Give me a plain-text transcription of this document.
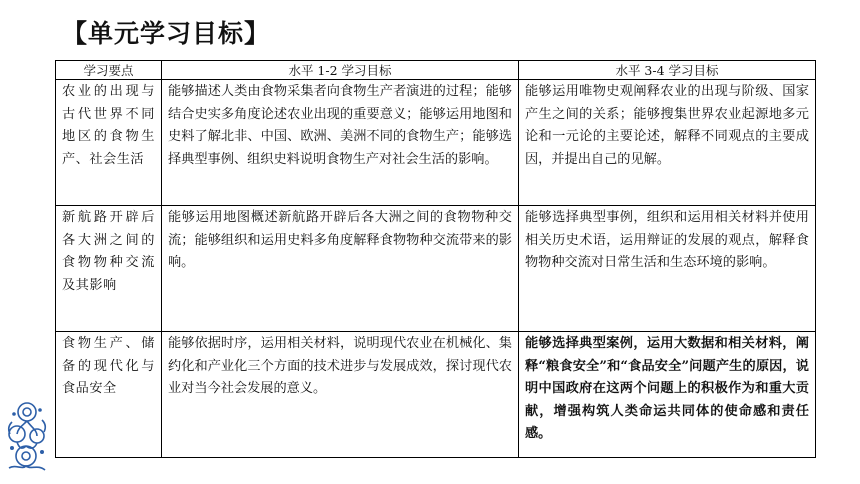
【单元学习目标】
学习要点	水平 1-2 学习目标	水平 3-4 学习目标
农业的出现与古代世界不同地区的食物生产、社会生活	能够描述人类由食物采集者向食物生产者演进的过程；能够结合史实多角度论述农业出现的重要意义；能够运用地图和史料了解北非、中国、欧洲、美洲不同的食物生产；能够选择典型事例、组织史料说明食物生产对社会生活的影响。	能够运用唯物史观阐释农业的出现与阶级、国家产生之间的关系；能够搜集世界农业起源地多元论和一元论的主要论述，解释不同观点的主要成因，并提出自己的见解。
新航路开辟后各大洲之间的食物物种交流及其影响	能够运用地图概述新航路开辟后各大洲之间的食物物种交流；能够组织和运用史料多角度解释食物物种交流带来的影响。	能够选择典型事例，组织和运用相关材料并使用相关历史术语，运用辩证的发展的观点，解释食物物种交流对日常生活和生态环境的影响。
食物生产、储备的现代化与食品安全	能够依据时序，运用相关材料，说明现代农业在机械化、集约化和产业化三个方面的技术进步与发展成效，探讨现代农业对当今社会发展的意义。	能够选择典型案例，运用大数据和相关材料，阐释“粮食安全”和“食品安全”问题产生的原因，说明中国政府在这两个问题上的积极作为和重大贡献，增强构筑人类命运共同体的使命感和责任感。
